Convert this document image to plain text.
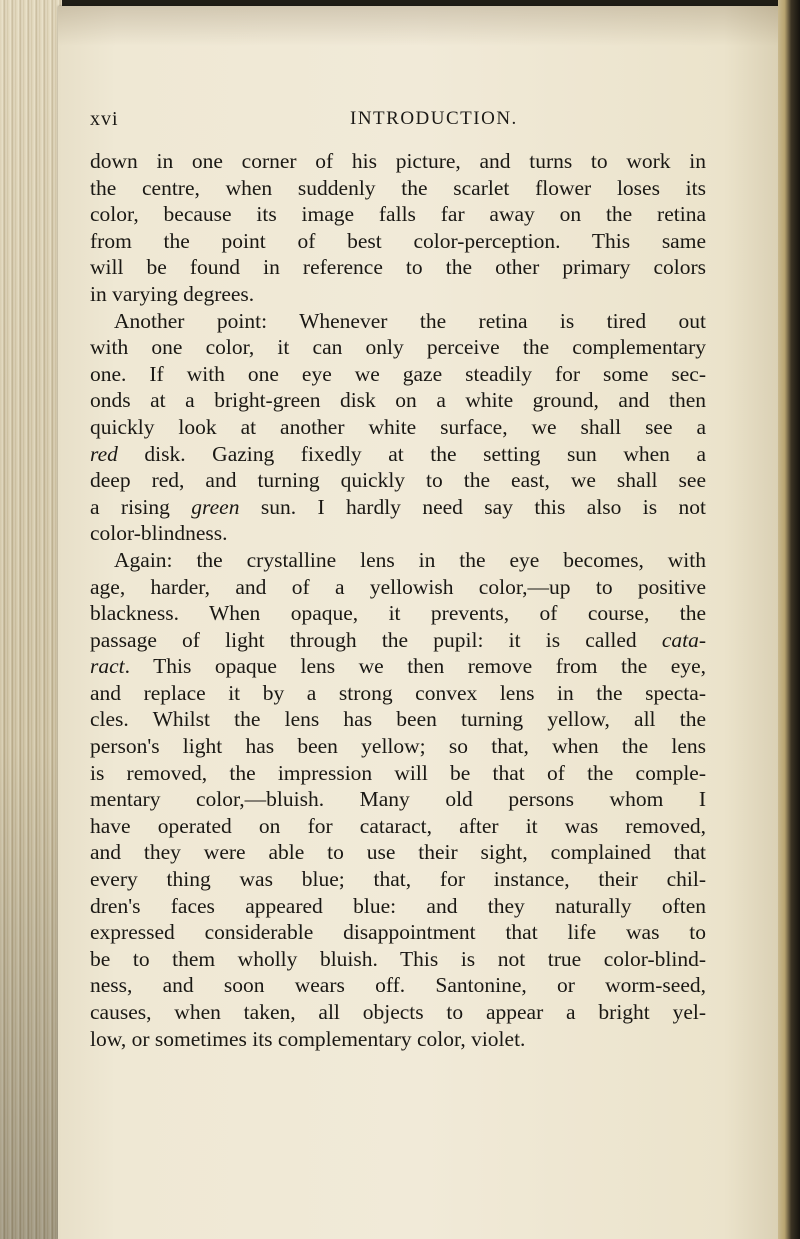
xvi	INTRODUCTION.
down in one corner of his picture, and turns to work in
the centre, when suddenly the scarlet flower loses its
color, because its image falls far away on the retina
from the point of best color-perception. This same
will be found in reference to the other primary colors
in varying degrees.
Another point: Whenever the retina is tired out
with one color, it can only perceive the complementary
one. If with one eye we gaze steadily for some sec-
onds at a bright-green disk on a white ground, and then
quickly look at another white surface, we shall see a
red disk. Gazing fixedly at the setting sun when a
deep red, and turning quickly to the east, we shall see
a rising green sun. I hardly need say this also is not
color-blindness.
Again: the crystalline lens in the eye becomes, with
age, harder, and of a yellowish color,—up to positive
blackness. When opaque, it prevents, of course, the
passage of light through the pupil: it is called cata-
ract. This opaque lens we then remove from the eye,
and replace it by a strong convex lens in the specta-
cles. Whilst the lens has been turning yellow, all the
person's light has been yellow; so that, when the lens
is removed, the impression will be that of the comple-
mentary color,—bluish. Many old persons whom I
have operated on for cataract, after it was removed,
and they were able to use their sight, complained that
every thing was blue; that, for instance, their chil-
dren's faces appeared blue: and they naturally often
expressed considerable disappointment that life was to
be to them wholly bluish. This is not true color-blind-
ness, and soon wears off. Santonine, or worm-seed,
causes, when taken, all objects to appear a bright yel-
low, or sometimes its complementary color, violet.
